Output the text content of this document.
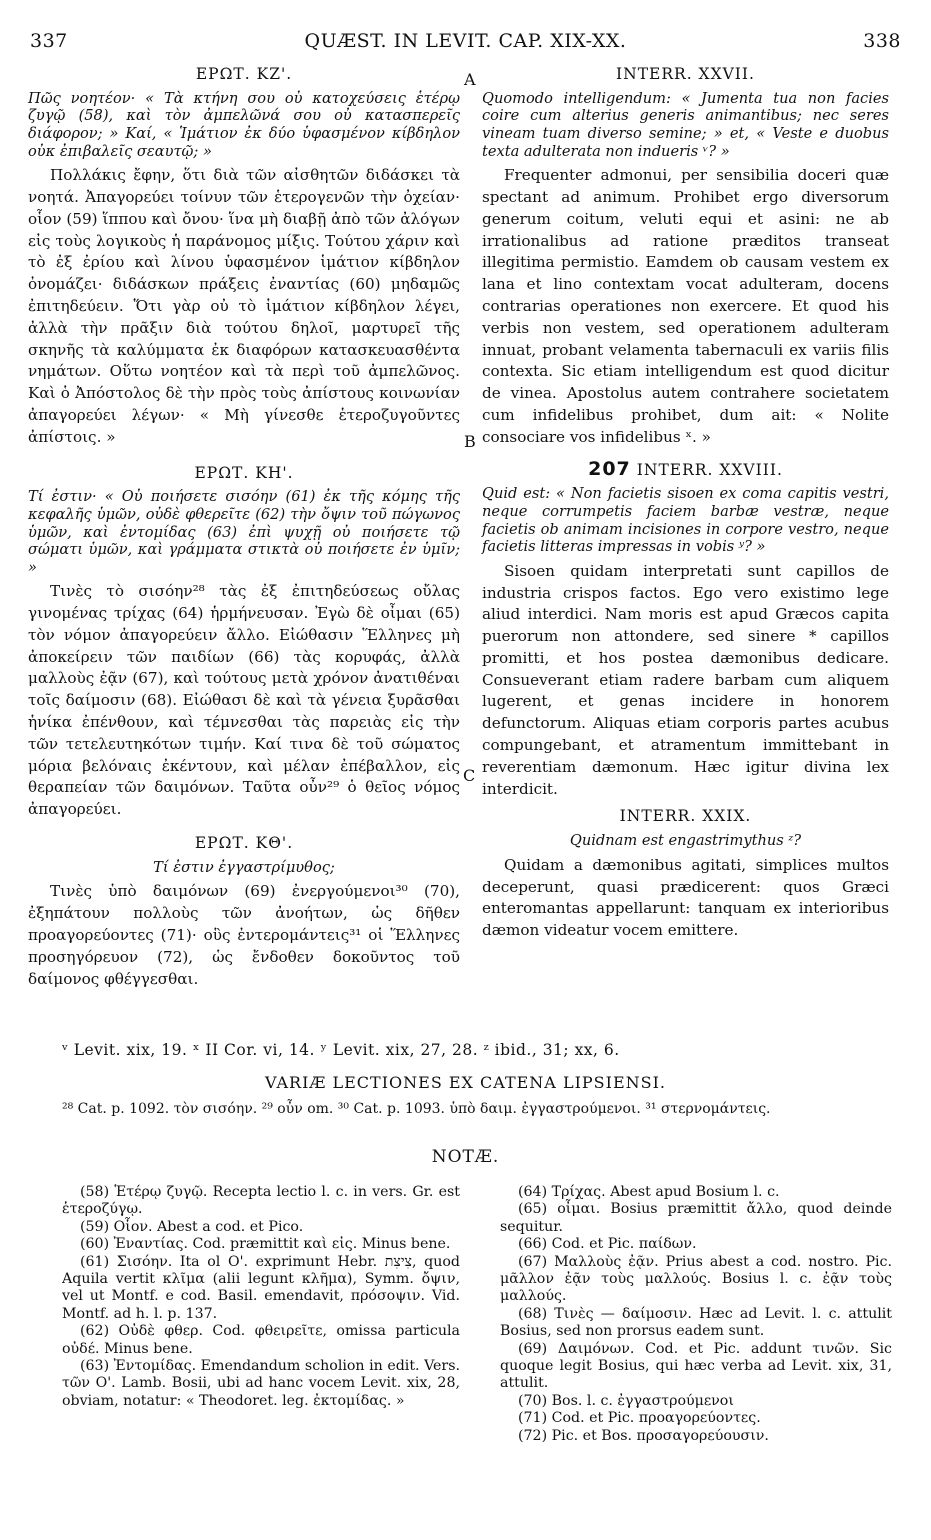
337	QUÆST. IN LEVIT. CAP. XIX-XX.	338
A
B
C
ΕΡΩΤ. ΚΖ'.
Πῶς νοητέον· « Τὰ κτήνη σου οὐ κατοχεύσεις ἑτέρῳ ζυγῷ (58), καὶ τὸν ἀμπελῶνά σου οὐ κατασπερεῖς διάφορον; » Καί, « Ἱμάτιον ἐκ δύο ὑφασμένον κίβδηλον οὐκ ἐπιβαλεῖς σεαυτῷ; »

Πολλάκις ἔφην, ὅτι διὰ τῶν αἰσθητῶν διδάσκει τὰ νοητά. Ἀπαγορεύει τοίνυν τῶν ἑτερογενῶν τὴν ὀχείαν· οἷον (59) ἵππου καὶ ὄνου· ἵνα μὴ διαβῇ ἀπὸ τῶν ἀλόγων εἰς τοὺς λογικοὺς ἡ παράνομος μίξις. Τούτου χάριν καὶ τὸ ἐξ ἐρίου καὶ λίνου ὑφασμένον ἱμάτιον κίβδηλον ὀνομάζει· διδάσκων πράξεις ἐναντίας (60) μηδαμῶς ἐπιτηδεύειν. Ὅτι γὰρ οὐ τὸ ἱμάτιον κίβδηλον λέγει, ἀλλὰ τὴν πρᾶξιν διὰ τούτου δηλοῖ, μαρτυρεῖ τῆς σκηνῆς τὰ καλύμματα ἐκ διαφόρων κατασκευασθέντα νημάτων. Οὕτω νοητέον καὶ τὰ περὶ τοῦ ἀμπελῶνος. Καὶ ὁ Ἀπόστολος δὲ τὴν πρὸς τοὺς ἀπίστους κοινωνίαν ἀπαγορεύει λέγων· « Μὴ γίνεσθε ἑτεροζυγοῦντες ἀπίστοις. »

ΕΡΩΤ. ΚΗ'.
Τί ἐστιν· « Οὐ ποιήσετε σισόην (61) ἐκ τῆς κόμης τῆς κεφαλῆς ὑμῶν, οὐδὲ φθερεῖτε (62) τὴν ὄψιν τοῦ πώγωνος ὑμῶν, καὶ ἐντομίδας (63) ἐπὶ ψυχῇ οὐ ποιήσετε τῷ σώματι ὑμῶν, καὶ γράμματα στικτὰ οὐ ποιήσετε ἐν ὑμῖν; »

Τινὲς τὸ σισόην²⁸ τὰς ἐξ ἐπιτηδεύσεως οὔλας γινομένας τρίχας (64) ἡρμήνευσαν. Ἐγὼ δὲ οἶμαι (65) τὸν νόμον ἀπαγορεύειν ἄλλο. Εἰώθασιν Ἕλληνες μὴ ἀποκείρειν τῶν παιδίων (66) τὰς κορυφάς, ἀλλὰ μαλλοὺς ἐᾷν (67), καὶ τούτους μετὰ χρόνον ἀνατιθέναι τοῖς δαίμοσιν (68). Εἰώθασι δὲ καὶ τὰ γένεια ξυρᾶσθαι ἡνίκα ἐπένθουν, καὶ τέμνεσθαι τὰς παρειὰς εἰς τὴν τῶν τετελευτηκότων τιμήν. Καί τινα δὲ τοῦ σώματος μόρια βελόναις ἐκέντουν, καὶ μέλαν ἐπέβαλλον, εἰς θεραπείαν τῶν δαιμόνων. Ταῦτα οὖν²⁹ ὁ θεῖος νόμος ἀπαγορεύει.

ΕΡΩΤ. ΚΘ'.
Τί ἐστιν ἐγγαστρίμυθος;

Τινὲς ὑπὸ δαιμόνων (69) ἐνεργούμενοι³⁰ (70), ἐξηπάτουν πολλοὺς τῶν ἀνοήτων, ὡς δῆθεν προαγορεύοντες (71)· οὓς ἐντερομάντεις³¹ οἱ Ἕλληνες προσηγόρευον (72), ὡς ἔνδοθεν δοκοῦντος τοῦ δαίμονος φθέγγεσθαι.

INTERR. XXVII.
Quomodo intelligendum: « Jumenta tua non facies coire cum alterius generis animantibus; nec seres vineam tuam diverso semine; » et, « Veste e duobus texta adulterata non indueris ᵛ? »

Frequenter admonui, per sensibilia doceri quæ spectant ad animum. Prohibet ergo diversorum generum coitum, veluti equi et asini: ne ab irrationalibus ad ratione præditos transeat illegitima permistio. Eamdem ob causam vestem ex lana et lino contextam vocat adulteram, docens contrarias operationes non exercere. Et quod his verbis non vestem, sed operationem adulteram innuat, probant velamenta tabernaculi ex variis filis contexta. Sic etiam intelligendum est quod dicitur de vinea. Apostolus autem contrahere societatem cum infidelibus prohibet, dum ait: « Nolite consociare vos infidelibus ˣ. »

207 INTERR. XXVIII.
Quid est: « Non facietis sisoen ex coma capitis vestri, neque corrumpetis faciem barbæ vestræ, neque facietis ob animam incisiones in corpore vestro, neque facietis litteras impressas in vobis ʸ? »

Sisoen quidam interpretati sunt capillos de industria crispos factos. Ego vero existimo lege aliud interdici. Nam moris est apud Græcos capita puerorum non attondere, sed sinere * capillos promitti, et hos postea dæmonibus dedicare. Consueverant etiam radere barbam cum aliquem lugerent, et genas incidere in honorem defunctorum. Aliquas etiam corporis partes acubus compungebant, et atramentum immittebant in reverentiam dæmonum. Hæc igitur divina lex interdicit.

INTERR. XXIX.
Quidnam est engastrimythus ᶻ?

Quidam a dæmonibus agitati, simplices multos deceperunt, quasi prædicerent: quos Græci enteromantas appellarunt: tanquam ex interioribus dæmon videatur vocem emittere.

ᵛ Levit. xix, 19. ˣ II Cor. vi, 14. ʸ Levit. xix, 27, 28. ᶻ ibid., 31; xx, 6.
VARIÆ LECTIONES EX CATENA LIPSIENSI.
²⁸ Cat. p. 1092. τὸν σισόην. ²⁹ οὖν om. ³⁰ Cat. p. 1093. ὑπὸ δαιμ. ἐγγαστρούμενοι. ³¹ στερνομάντεις.
NOTÆ.

(58) Ἑτέρῳ ζυγῷ. Recepta lectio l. c. in vers. Gr. est ἑτεροζύγῳ.

(59) Οἷον. Abest a cod. et Pico.

(60) Ἐναντίας. Cod. præmittit καὶ εἰς. Minus bene.

(61) Σισόην. Ita ol O'. exprimunt Hebr. צִיצִת, quod Aquila vertit κλῖμα (alii legunt κλῆμα), Symm. ὄψιν, vel ut Montf. e cod. Basil. emendavit, πρόσοψιν. Vid. Montf. ad h. l. p. 137.

(62) Οὐδὲ φθερ. Cod. φθειρεῖτε, omissa particula οὐδέ. Minus bene.

(63) Ἐντομίδας. Emendandum scholion in edit. Vers. τῶν O'. Lamb. Bosii, ubi ad hanc vocem Levit. xix, 28, obviam, notatur: « Theodoret. leg. ἐκτομίδας. »

(64) Τρίχας. Abest apud Bosium l. c.

(65) οἶμαι. Bosius præmittit ἄλλο, quod deinde sequitur.

(66) Cod. et Pic. παίδων.

(67) Μαλλοὺς ἐᾷν. Prius abest a cod. nostro. Pic. μᾶλλον ἐᾷν τοὺς μαλλούς. Bosius l. c. ἐᾷν τοὺς μαλλούς.

(68) Τινὲς — δαίμοσιν. Hæc ad Levit. l. c. attulit Bosius, sed non prorsus eadem sunt.

(69) Δαιμόνων. Cod. et Pic. addunt τινῶν. Sic quoque legit Bosius, qui hæc verba ad Levit. xix, 31, attulit.

(70) Bos. l. c. ἐγγαστρούμενοι

(71) Cod. et Pic. προαγορεύοντες.

(72) Pic. et Bos. προσαγορεύουσιν.
